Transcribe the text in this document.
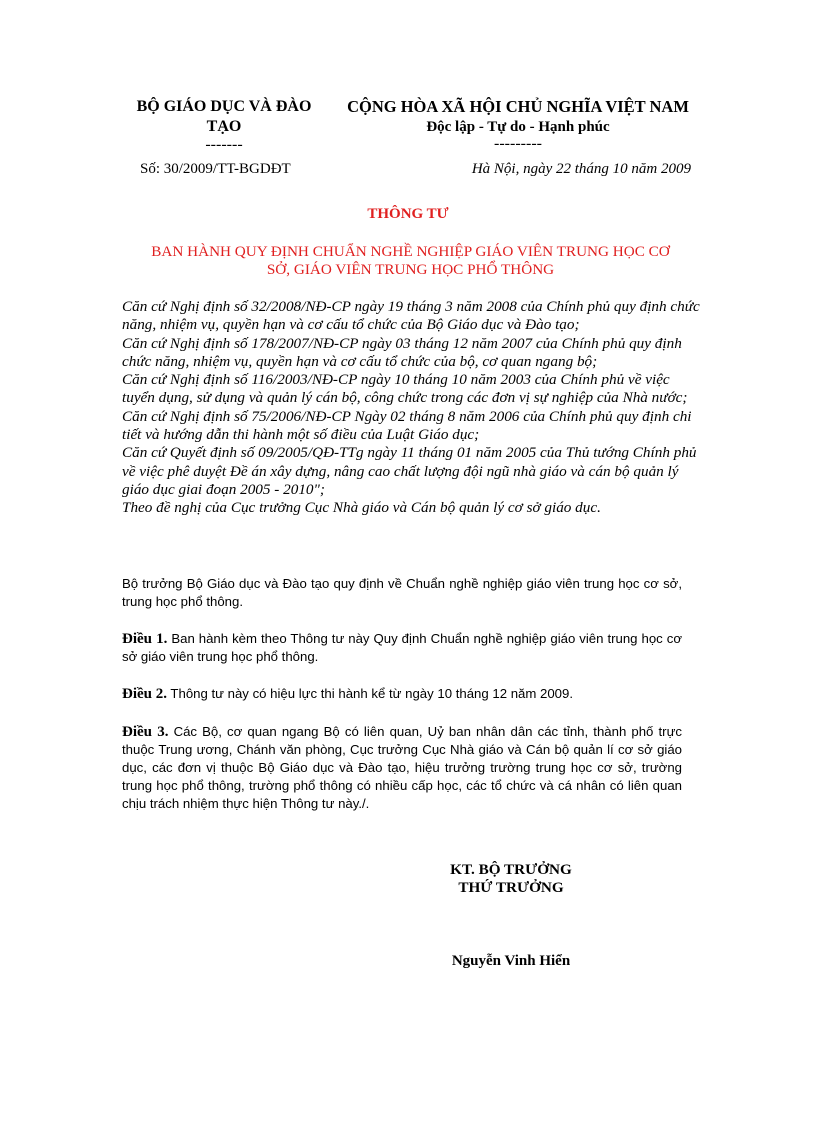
BỘ GIÁO DỤC VÀ ĐÀO
TẠO
-------
CỘNG HÒA XÃ HỘI CHỦ NGHĨA VIỆT NAM
Độc lập - Tự do - Hạnh phúc
---------
Số: 30/2009/TT-BGDĐT	Hà Nội, ngày 22 tháng 10 năm 2009
THÔNG TƯ
BAN HÀNH QUY ĐỊNH CHUẨN NGHỀ NGHIỆP GIÁO VIÊN TRUNG HỌC CƠ
SỞ, GIÁO VIÊN TRUNG HỌC PHỔ THÔNG
Căn cứ Nghị định số 32/2008/NĐ-CP ngày 19 tháng 3 năm 2008 của Chính phủ quy định chức năng, nhiệm vụ, quyền hạn và cơ cấu tổ chức của Bộ Giáo dục và Đào tạo;
Căn cứ Nghị định số 178/2007/NĐ-CP ngày 03 tháng 12 năm 2007 của Chính phủ quy định chức năng, nhiệm vụ, quyền hạn và cơ cấu tổ chức của bộ, cơ quan ngang bộ;
Căn cứ Nghị định số 116/2003/NĐ-CP ngày 10 tháng 10 năm 2003 của Chính phủ về việc tuyển dụng, sử dụng và quản lý cán bộ, công chức trong các đơn vị sự nghiệp của Nhà nước;
Căn cứ Nghị định số 75/2006/NĐ-CP Ngày 02 tháng 8 năm 2006 của Chính phủ quy định chi tiết và hướng dẫn thi hành một số điều của Luật Giáo dục;
Căn cứ Quyết định số 09/2005/QĐ-TTg ngày 11 tháng 01 năm 2005 của Thủ tướng Chính phủ về việc phê duyệt Đề án xây dựng, nâng cao chất lượng đội ngũ nhà giáo và cán bộ quản lý giáo dục giai đoạn 2005 - 2010";
Theo đề nghị của Cục trưởng Cục Nhà giáo và Cán bộ quản lý cơ sở giáo dục.
Bộ trưởng Bộ Giáo dục và Đào tạo quy định về Chuẩn nghề nghiệp giáo viên trung học cơ sở, trung học phổ thông.
Điều 1. Ban hành kèm theo Thông tư này Quy định Chuẩn nghề nghiệp giáo viên trung học cơ sở giáo viên trung học phổ thông.
Điều 2. Thông tư này có hiệu lực thi hành kể từ ngày 10 tháng 12 năm 2009.
Điều 3. Các Bộ, cơ quan ngang Bộ có liên quan, Uỷ ban nhân dân các tỉnh, thành phố trực thuộc Trung ương, Chánh văn phòng, Cục trưởng Cục Nhà giáo và Cán bộ quản lí cơ sở giáo dục, các đơn vị thuộc Bộ Giáo dục và Đào tạo, hiệu trưởng trường trung học cơ sở, trường trung học phổ thông, trường phổ thông có nhiều cấp học, các tổ chức và cá nhân có liên quan chịu trách nhiệm thực hiện Thông tư này./.
KT. BỘ TRƯỞNG
THỨ TRƯỞNG
Nguyễn Vinh Hiển
